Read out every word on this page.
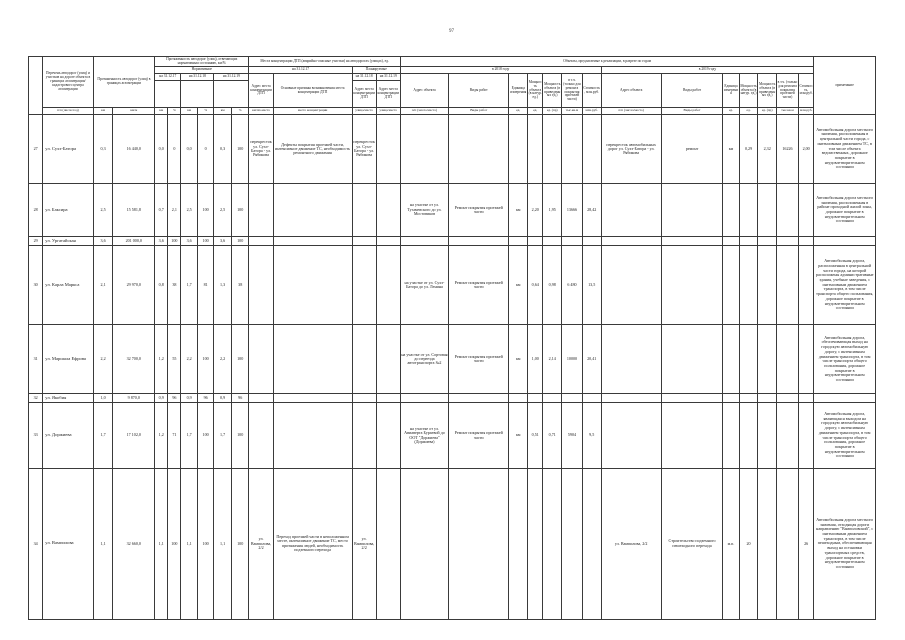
97
	Перечень автодорог (улиц) и участков на дороге объекта в границах агломерации/кадастрового центра агломерации	Протяженность автодорог (улиц) в границах агломерации		Протяженность автодорог (улиц), отвечающих нормативным состоянию, км/%						Места концентрации ДТП (аварийно-опасные участки) на автодорогах (улицах), ед.				Объекты, предлагаемые к реализации, в разрезе по годам														примечание
				Нормативное						на 31.12.17		Планируемые		в 2018 году							в 2019 году							
				на 31.12.17		на 31.12.18		на 31.12.19		Адрес места концентрации ДТП	Основные причины возникновения места концентрации ДТП	на 31.12.18	на 31.12.19	Адрес объекта	Виды работ	Единица измерения	Мощность объекта (в натур. ед.)	Мощность объекта (в приведенных ед.)	в т.ч. (только для ремонта покрытия проезжей части)	Стоимость, млн.руб.	Адрес объекта	Виды работ	Единица измерения	Мощность объекта (в натур. ед.)	Мощность объекта (в приведенных ед.)	в т.ч. (только для ремонта покрытия проезжей части)	Стоимость, млн.руб.	
												Адрес места концентрации ДТП	Адрес места концентрации ДТП															
	п/п (число/год)	км	км/м	км	%	км	%	км	%	км/пп-место	место концентрации	улица/место	улица/место	п/п (число/место)	Виды работ	ед.	ед.	ед. (пр)	тыс.кв.м	млн.руб.	п/п (число/место)	Виды работ	ед.	ед.	ед. (пр)	тыс.кв.м	млн.руб.	
27	ул. Сухэ-Батора	0,3	16 440,0	0,0	0	0,0	0	0,3	100	перекресток ул. Сухэ-Батора - ул. Рябикова	Дефекты покрытия проезжей части, интенсивное движение ТС, необходимость ремонтного движения	перекресток ул. Сухэ-Батора - ул. Рябикова									перекресток автомобильных дорог ул. Сухэ-Батора - ул. Рябикова	ремонт	км	0,29	2,32	16226	2,00	Автомобильная дорога местного значения, расположенная в центральной части города, с интенсивным движением ТС, в том числе объекта ведомственных, дорожное покрытие в неудовлетворительном состоянии
28	ул. Баксира	2,5	15 581,8	0,7	2,1	2,5	100	2,5	100					на участке от ул. Тухачевского до ул. Мостовиков	Ремонт покрытия проезжей части	км	2,20	1,95	13666	28,42								Автомобильная дорога местного значения, расположенная в районе проходной жилой зоны, дорожное покрытие в неудовлетворительном состоянии
29	ул. Ургатайская	3,6	201 000,0	3,6	100	3,6	100	3,6	100																			
30	ул. Карла Маркса	2,1	29 970,0	0,8	38	1,7	81	1,3	38					на участке от ул. Сухэ-Батора до ул. Ленина	Ремонт покрытия проезжей части	км	0,64	0,98	6 480	13,5								Автомобильная дорога, расположенная в центральной части города, на которой расположены административные здания, учебные заведения, с интенсивным движением транспорта, в том числе транспорта общего пользования, дорожное покрытие в неудовлетворительном состоянии
31	ул. Маршала Ефрова	2,2	32 700,0	1,2	55	2,2	100	2,2	100					на участке от ул. Сортовая до переезда автотранспорта №2	Ремонт покрытия проезжей части	км	1,00	2,14	10000	20,41								Автомобильная дорога, обеспечивающая выход на городскую автомобильную дорогу, с интенсивным движением транспорта, в том числе транспорта общего пользования, дорожное покрытие в неудовлетворительном состоянии
32	ул. Якобия	1,0	9 870,0	0,9	96	0,9	96	0,9	96																			
33	ул. Доржиева	1,7	17 102,0	1,2	71	1,7	100	1,7	100					на участке от ул. Авиаверта Бураевой до ООТ "Доржиева" (Доржиева)	Ремонт покрытия проезжей части	км	0,51	0,71	5904	9,5								Автомобильная дорога, являющаяся выходом на городскую автомобильную дорогу, с интенсивным движением транспорта, в том числе транспорта общего пользования, дорожное покрытие в неудовлетворительном состоянии
34	ул. Вампилова	1,1	32 660,0	1,1	100	1,1	100	1,1	100	ул. Вампилова, 2/2	Переход проезжей части в неположенном месте, интенсивное движение ТС, место притяжения людей, необходимость подземного перехода	ул. Вампилова, 2/2									ул. Вампилова, 2/2	Строительство подземного пешеходного перехода	м.п.	20			26	Автомобильная дорога местного значения, отходящая дороги направлению "Вампиловский", с интенсивным движением транспорта, в том числе пешеходным, обеспечивающая выход на остановки транспортных средств, дорожное покрытие в неудовлетворительном состоянии
